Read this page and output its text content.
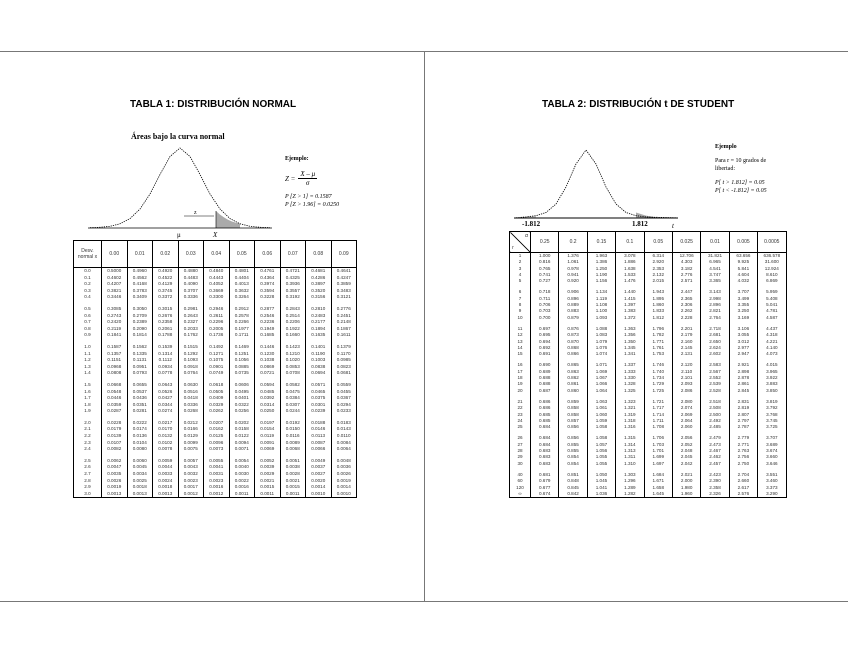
TABLA 1: DISTRIBUCIÓN NORMAL
Áreas bajo la curva normal
z
μ	X
Ejemplo:
$Z = \frac{X - \mu}{\sigma}$
P [Z > 1] = 0.1587
P [Z > 1.96] = 0.0250
Desv. normal x	0.00	0.01	0.02	0.03	0.04	0.05	0.06	0.07	0.08	0.09
0.0	0.5000	0.4960	0.4920	0.4880	0.4840	0.4801	0.4761	0.4721	0.4681	0.4641
0.1	0.4602	0.4562	0.4522	0.4483	0.4443	0.4404	0.4364	0.4325	0.4286	0.4247
0.2	0.4207	0.4168	0.4129	0.4090	0.4052	0.4013	0.3974	0.3936	0.3897	0.3859
0.3	0.3821	0.3783	0.3745	0.3707	0.3669	0.3632	0.3594	0.3557	0.3520	0.3483
0.4	0.3446	0.3409	0.3372	0.3336	0.3300	0.3264	0.3228	0.3192	0.3156	0.3121

0.5	0.3085	0.3050	0.3015	0.2981	0.2946	0.2912	0.2877	0.2843	0.2810	0.2776
0.6	0.2743	0.2709	0.2676	0.2643	0.2611	0.2578	0.2546	0.2514	0.2483	0.2451
0.7	0.2420	0.2389	0.2358	0.2327	0.2296	0.2266	0.2236	0.2206	0.2177	0.2148
0.8	0.2119	0.2090	0.2061	0.2033	0.2005	0.1977	0.1949	0.1922	0.1894	0.1867
0.9	0.1841	0.1814	0.1788	0.1762	0.1736	0.1711	0.1685	0.1660	0.1635	0.1611

1.0	0.1587	0.1562	0.1539	0.1515	0.1492	0.1469	0.1446	0.1423	0.1401	0.1379
1.1	0.1357	0.1335	0.1314	0.1292	0.1271	0.1251	0.1230	0.1210	0.1190	0.1170
1.2	0.1151	0.1131	0.1112	0.1093	0.1075	0.1056	0.1038	0.1020	0.1003	0.0985
1.3	0.0968	0.0951	0.0934	0.0918	0.0901	0.0885	0.0869	0.0853	0.0838	0.0823
1.4	0.0808	0.0793	0.0778	0.0764	0.0749	0.0735	0.0721	0.0708	0.0694	0.0681

1.5	0.0668	0.0655	0.0643	0.0630	0.0618	0.0606	0.0594	0.0582	0.0571	0.0559
1.6	0.0548	0.0537	0.0526	0.0516	0.0505	0.0495	0.0485	0.0475	0.0465	0.0455
1.7	0.0446	0.0436	0.0427	0.0418	0.0409	0.0401	0.0392	0.0384	0.0375	0.0367
1.8	0.0359	0.0351	0.0344	0.0336	0.0329	0.0322	0.0314	0.0307	0.0301	0.0294
1.9	0.0287	0.0281	0.0274	0.0268	0.0262	0.0256	0.0250	0.0244	0.0239	0.0233

2.0	0.0228	0.0222	0.0217	0.0212	0.0207	0.0202	0.0197	0.0192	0.0188	0.0183
2.1	0.0179	0.0174	0.0170	0.0166	0.0162	0.0158	0.0154	0.0150	0.0146	0.0143
2.2	0.0139	0.0136	0.0132	0.0129	0.0125	0.0122	0.0119	0.0116	0.0113	0.0110
2.3	0.0107	0.0104	0.0102	0.0099	0.0096	0.0094	0.0091	0.0089	0.0087	0.0084
2.4	0.0082	0.0080	0.0078	0.0075	0.0073	0.0071	0.0069	0.0068	0.0066	0.0064

2.5	0.0062	0.0060	0.0059	0.0057	0.0055	0.0054	0.0052	0.0051	0.0049	0.0048
2.6	0.0047	0.0045	0.0044	0.0043	0.0041	0.0040	0.0039	0.0038	0.0037	0.0036
2.7	0.0035	0.0034	0.0033	0.0032	0.0031	0.0030	0.0029	0.0028	0.0027	0.0026
2.8	0.0026	0.0025	0.0024	0.0023	0.0023	0.0022	0.0021	0.0021	0.0020	0.0019
2.9	0.0019	0.0018	0.0018	0.0017	0.0016	0.0016	0.0015	0.0015	0.0014	0.0014
3.0	0.0013	0.0013	0.0013	0.0012	0.0012	0.0011	0.0011	0.0011	0.0010	0.0010
TABLA 2: DISTRIBUCIÓN t DE STUDENT
-1.812	1.812	t
Ejemplo
Para r = 10 grados de
libertad:
P[ t > 1.812] = 0.05
P[ t < -1.812] = 0.05
α
r	0.25	0.2	0.15	0.1	0.05	0.025	0.01	0.005	0.0005
1	1.000	1.376	1.963	3.078	6.314	12.706	31.821	63.656	636.578
2	0.816	1.061	1.386	1.886	2.920	4.303	6.965	9.925	31.600
3	0.765	0.978	1.250	1.638	2.353	3.182	4.541	5.841	12.924
4	0.741	0.941	1.190	1.533	2.132	2.776	3.747	4.604	8.610
5	0.727	0.920	1.156	1.476	2.015	2.571	3.365	4.032	6.869

6	0.718	0.906	1.134	1.440	1.943	2.447	3.143	3.707	5.959
7	0.711	0.896	1.119	1.415	1.895	2.365	2.998	3.499	5.408
8	0.706	0.889	1.108	1.397	1.860	2.306	2.896	3.355	5.041
9	0.703	0.883	1.100	1.383	1.833	2.262	2.821	3.250	4.781
10	0.700	0.879	1.093	1.372	1.812	2.228	2.764	3.169	4.587

11	0.697	0.876	1.088	1.363	1.796	2.201	2.718	3.106	4.437
12	0.695	0.873	1.083	1.356	1.782	2.179	2.681	3.055	4.318
13	0.694	0.870	1.079	1.350	1.771	2.160	2.650	3.012	4.221
14	0.692	0.868	1.076	1.345	1.761	2.145	2.624	2.977	4.140
15	0.691	0.866	1.074	1.341	1.753	2.131	2.602	2.947	4.073

16	0.690	0.865	1.071	1.337	1.746	2.120	2.583	2.921	4.015
17	0.689	0.863	1.069	1.333	1.740	2.110	2.567	2.898	3.965
18	0.688	0.862	1.067	1.330	1.734	2.101	2.552	2.878	3.922
19	0.688	0.861	1.066	1.328	1.729	2.093	2.539	2.861	3.883
20	0.687	0.860	1.064	1.325	1.725	2.086	2.528	2.845	3.850

21	0.686	0.859	1.063	1.323	1.721	2.080	2.518	2.831	3.819
22	0.686	0.858	1.061	1.321	1.717	2.074	2.508	2.819	3.792
23	0.685	0.858	1.060	1.319	1.714	2.069	2.500	2.807	3.768
24	0.685	0.857	1.059	1.318	1.711	2.064	2.492	2.797	3.745
25	0.684	0.856	1.058	1.316	1.708	2.060	2.485	2.787	3.725

26	0.684	0.856	1.058	1.315	1.706	2.056	2.479	2.779	3.707
27	0.684	0.855	1.057	1.314	1.703	2.052	2.473	2.771	3.689
28	0.683	0.855	1.056	1.313	1.701	2.048	2.467	2.763	3.674
29	0.683	0.854	1.055	1.311	1.699	2.045	2.462	2.756	3.660
30	0.683	0.854	1.055	1.310	1.697	2.042	2.457	2.750	3.646

40	0.681	0.851	1.050	1.303	1.684	2.021	2.423	2.704	3.551
60	0.679	0.848	1.045	1.296	1.671	2.000	2.390	2.660	3.460
120	0.677	0.845	1.041	1.289	1.658	1.980	2.358	2.617	3.373
∞	0.674	0.842	1.036	1.282	1.645	1.960	2.326	2.576	3.290
